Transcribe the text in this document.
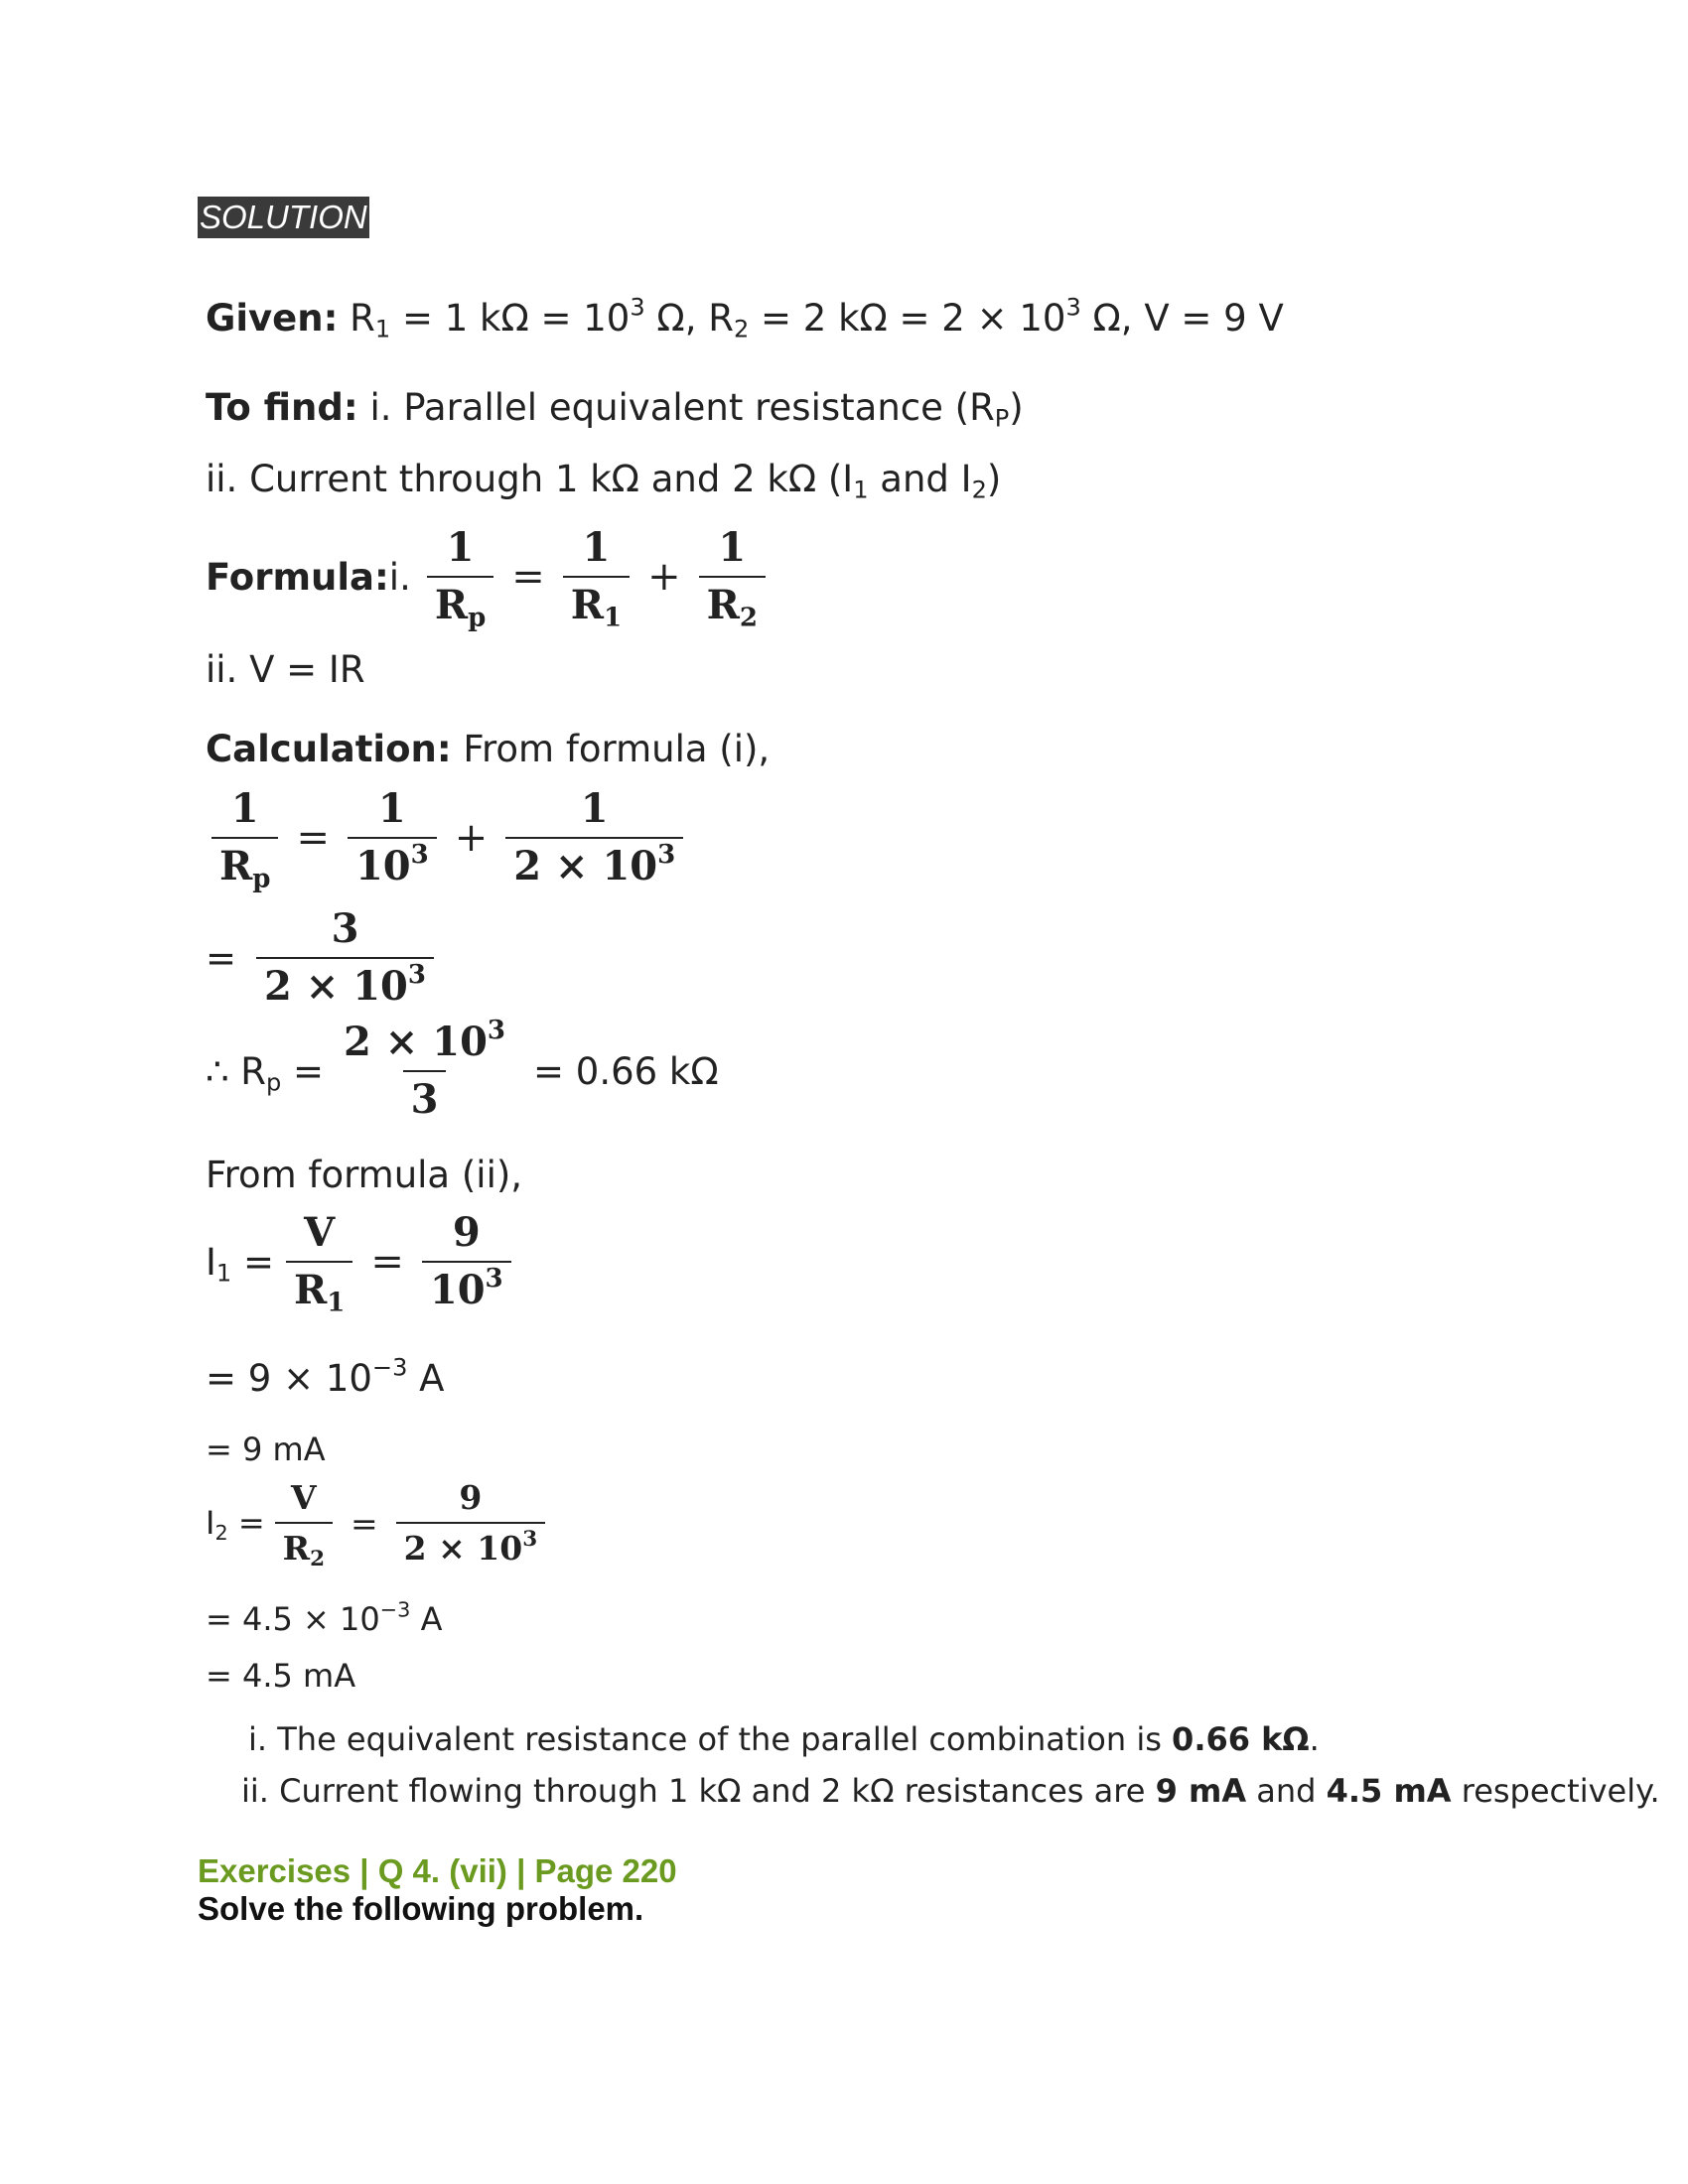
SOLUTION
Given: $R_1 = 1$ $k\Omega = 10^3$ Ω, $R_2 = 2$ $k\Omega = 2 \times 10^3$ Ω, V = 9 V
To find: i. Parallel equivalent resistance $(R_P)$
ii. Current through 1 kΩ and 2 kΩ ($I_1$ and $I_2$)
Formula: i. $\frac{1}{R_p} = \frac{1}{R_1} + \frac{1}{R_2}$
ii. V = IR
Calculation: From formula (i),
$\frac{1}{R_p} = \frac{1}{10^3} + \frac{1}{2 \times 10^3}$
= $\frac{3}{2 \times 10^3}$
∴ $R_p = \frac{2 \times 10^3}{3} = 0.66$ kΩ
From formula (ii),
$I_1 = \frac{V}{R_1} = \frac{9}{10^3}$
= $9 \times 10^{-3}$ A
= 9 mA
$I_2 = \frac{V}{R_2} = \frac{9}{2 \times 10^3}$
= $4.5 \times 10^{-3}$ A
= 4.5 mA
i. The equivalent resistance of the parallel combination is 0.66 kΩ.
ii. Current flowing through 1 kΩ and 2 kΩ resistances are 9 mA and 4.5 mA respectively.
Exercises | Q 4. (vii) | Page 220
Solve the following problem.
